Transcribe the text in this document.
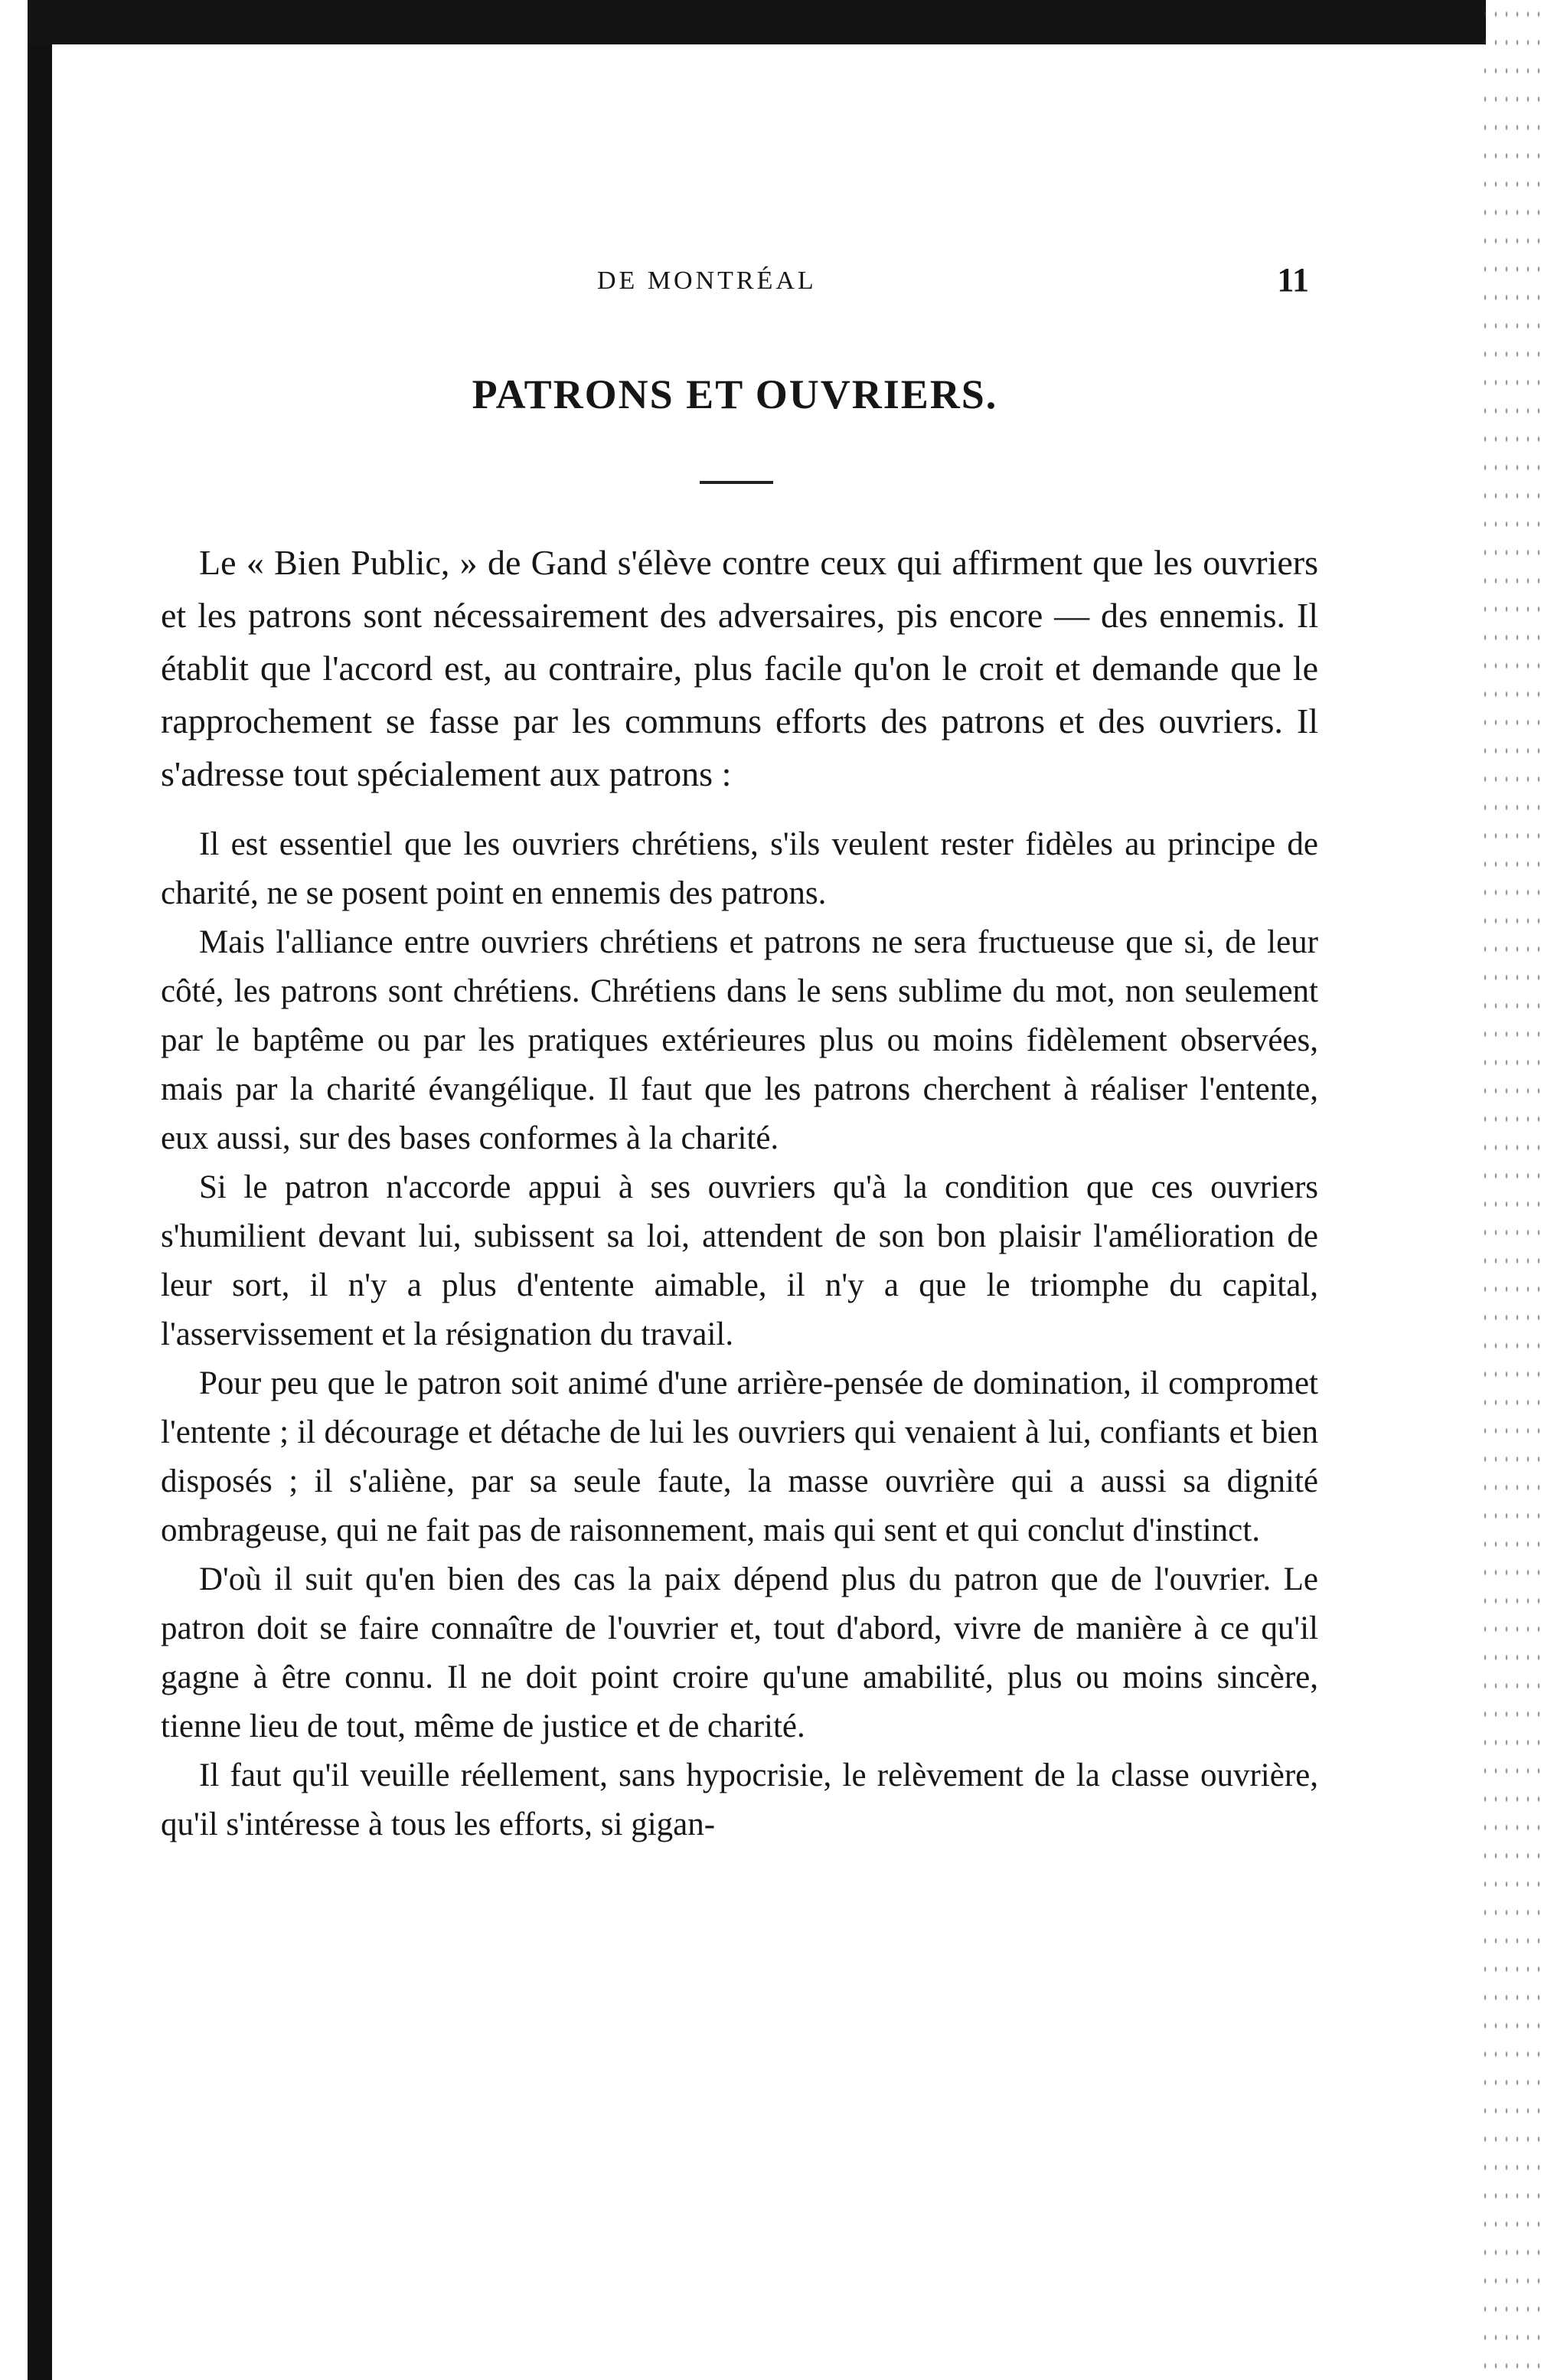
DE MONTRÉAL	11
PATRONS ET OUVRIERS.

Le « Bien Public, » de Gand s'élève contre ceux qui affirment que les ouvriers et les patrons sont nécessairement des adversaires, pis encore — des ennemis. Il établit que l'accord est, au contraire, plus facile qu'on le croit et demande que le rapprochement se fasse par les communs efforts des patrons et des ouvriers. Il s'adresse tout spécialement aux patrons :

Il est essentiel que les ouvriers chrétiens, s'ils veulent rester fidèles au principe de charité, ne se posent point en ennemis des patrons.

Mais l'alliance entre ouvriers chrétiens et patrons ne sera fructueuse que si, de leur côté, les patrons sont chrétiens. Chrétiens dans le sens sublime du mot, non seulement par le baptême ou par les pratiques extérieures plus ou moins fidèlement observées, mais par la charité évangélique. Il faut que les patrons cherchent à réaliser l'entente, eux aussi, sur des bases conformes à la charité.

Si le patron n'accorde appui à ses ouvriers qu'à la condition que ces ouvriers s'humilient devant lui, subissent sa loi, attendent de son bon plaisir l'amélioration de leur sort, il n'y a plus d'entente aimable, il n'y a que le triomphe du capital, l'asservissement et la résignation du travail.

Pour peu que le patron soit animé d'une arrière-pensée de domination, il compromet l'entente ; il décourage et détache de lui les ouvriers qui venaient à lui, confiants et bien disposés ; il s'aliène, par sa seule faute, la masse ouvrière qui a aussi sa dignité ombrageuse, qui ne fait pas de raisonnement, mais qui sent et qui conclut d'instinct.

D'où il suit qu'en bien des cas la paix dépend plus du patron que de l'ouvrier. Le patron doit se faire connaître de l'ouvrier et, tout d'abord, vivre de manière à ce qu'il gagne à être connu. Il ne doit point croire qu'une amabilité, plus ou moins sincère, tienne lieu de tout, même de justice et de charité.

Il faut qu'il veuille réellement, sans hypocrisie, le relèvement de la classe ouvrière, qu'il s'intéresse à tous les efforts, si gigan-
